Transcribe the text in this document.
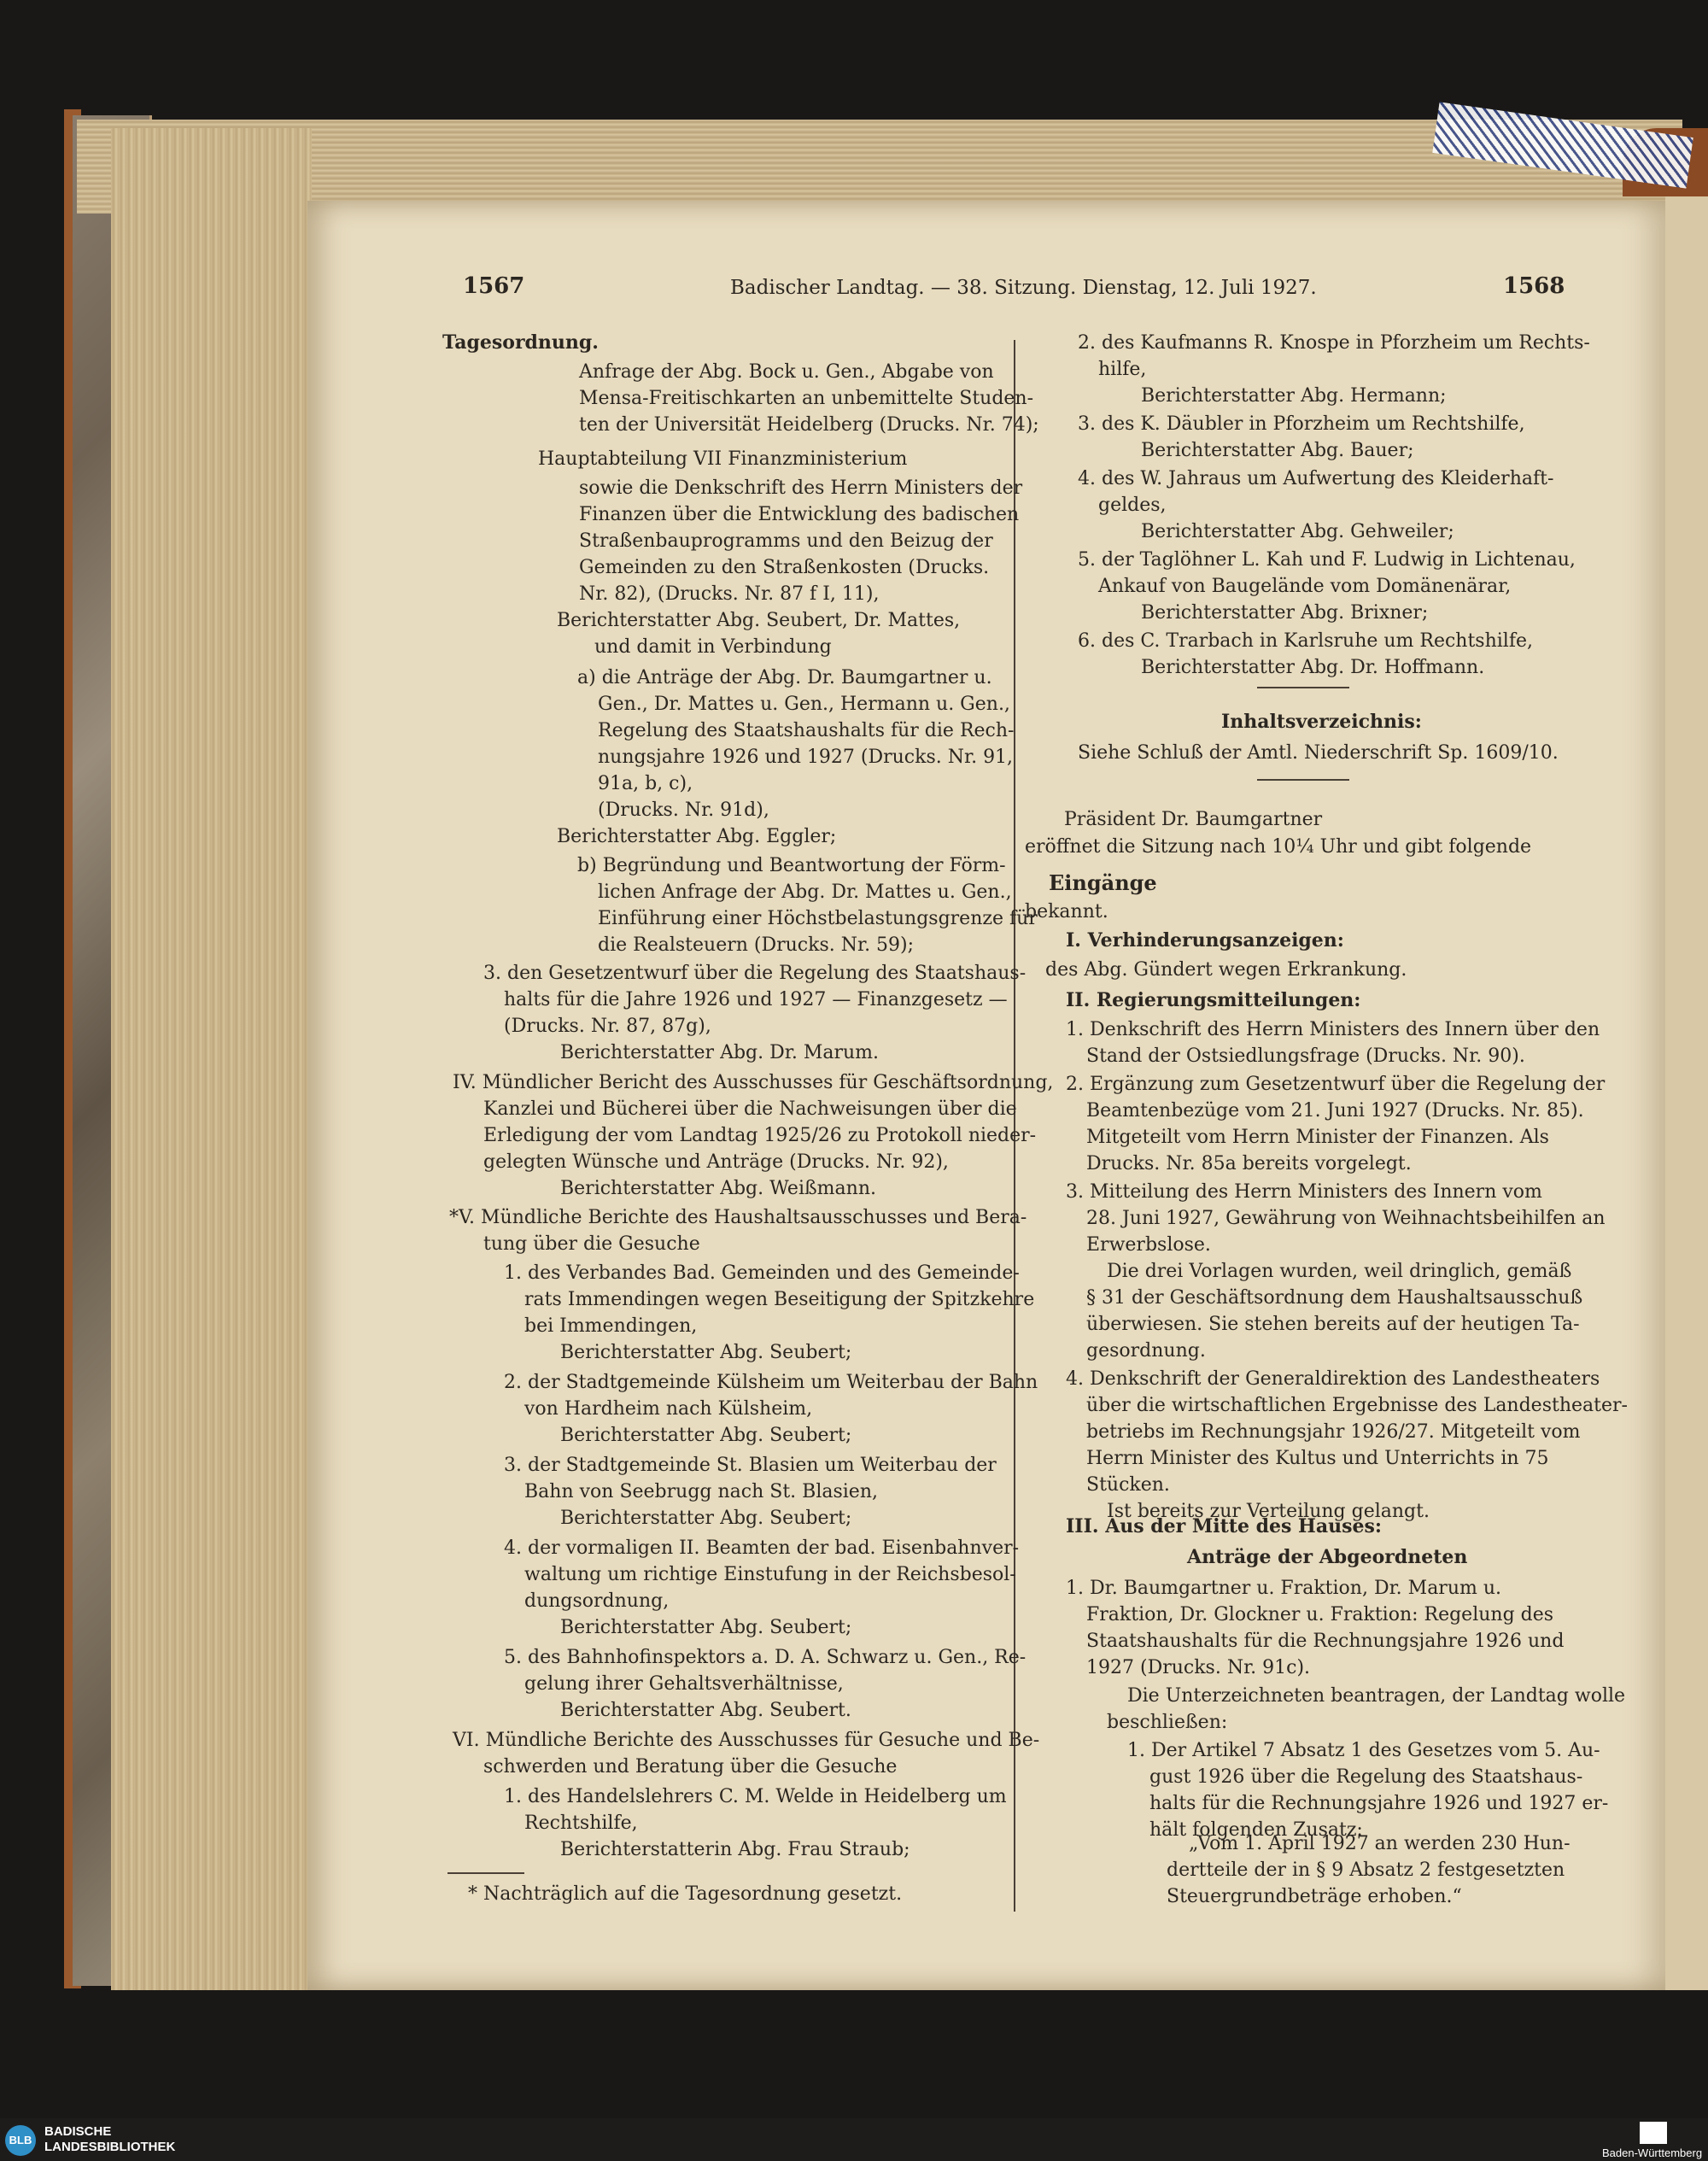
1567	Badischer Landtag. — 38. Sitzung. Dienstag, 12. Juli 1927.	1568
Tagesordnung.
Anfrage der Abg. Bock u. Gen., Abgabe von
Mensa-Freitischkarten an unbemittelte Studen-
ten der Universität Heidelberg (Drucks. Nr. 74);
Hauptabteilung VII Finanzministerium
sowie die Denkschrift des Herrn Ministers der
Finanzen über die Entwicklung des badischen
Straßenbauprogramms und den Beizug der
Gemeinden zu den Straßenkosten (Drucks.
Nr. 82), (Drucks. Nr. 87 f I, 11),
Berichterstatter Abg. Seubert, Dr. Mattes,
und damit in Verbindung
a) die Anträge der Abg. Dr. Baumgartner u.
Gen., Dr. Mattes u. Gen., Hermann u. Gen.,
Regelung des Staatshaushalts für die Rech-
nungsjahre 1926 und 1927 (Drucks. Nr. 91,
91a, b, c),
(Drucks. Nr. 91d),
Berichterstatter Abg. Eggler;
b) Begründung und Beantwortung der Förm-
lichen Anfrage der Abg. Dr. Mattes u. Gen.,
Einführung einer Höchstbelastungsgrenze für
die Realsteuern (Drucks. Nr. 59);
3. den Gesetzentwurf über die Regelung des Staatshaus-
halts für die Jahre 1926 und 1927 — Finanzgesetz —
(Drucks. Nr. 87, 87g),
Berichterstatter Abg. Dr. Marum.
IV. Mündlicher Bericht des Ausschusses für Geschäftsordnung,
Kanzlei und Bücherei über die Nachweisungen über die
Erledigung der vom Landtag 1925/26 zu Protokoll nieder-
gelegten Wünsche und Anträge (Drucks. Nr. 92),
Berichterstatter Abg. Weißmann.
*V. Mündliche Berichte des Haushaltsausschusses und Bera-
tung über die Gesuche
1. des Verbandes Bad. Gemeinden und des Gemeinde-
rats Immendingen wegen Beseitigung der Spitzkehre
bei Immendingen,
Berichterstatter Abg. Seubert;
2. der Stadtgemeinde Külsheim um Weiterbau der Bahn
von Hardheim nach Külsheim,
Berichterstatter Abg. Seubert;
3. der Stadtgemeinde St. Blasien um Weiterbau der
Bahn von Seebrugg nach St. Blasien,
Berichterstatter Abg. Seubert;
4. der vormaligen II. Beamten der bad. Eisenbahnver-
waltung um richtige Einstufung in der Reichsbesol-
dungsordnung,
Berichterstatter Abg. Seubert;
5. des Bahnhofinspektors a. D. A. Schwarz u. Gen., Re-
gelung ihrer Gehaltsverhältnisse,
Berichterstatter Abg. Seubert.
VI. Mündliche Berichte des Ausschusses für Gesuche und Be-
schwerden und Beratung über die Gesuche
1. des Handelslehrers C. M. Welde in Heidelberg um
Rechtshilfe,
Berichterstatterin Abg. Frau Straub;
* Nachträglich auf die Tagesordnung gesetzt.
2. des Kaufmanns R. Knospe in Pforzheim um Rechts-
hilfe,
Berichterstatter Abg. Hermann;
3. des K. Däubler in Pforzheim um Rechtshilfe,
Berichterstatter Abg. Bauer;
4. des W. Jahraus um Aufwertung des Kleiderhaft-
geldes,
Berichterstatter Abg. Gehweiler;
5. der Taglöhner L. Kah und F. Ludwig in Lichtenau,
Ankauf von Baugelände vom Domänenärar,
Berichterstatter Abg. Brixner;
6. des C. Trarbach in Karlsruhe um Rechtshilfe,
Berichterstatter Abg. Dr. Hoffmann.
Inhaltsverzeichnis:
Siehe Schluß der Amtl. Niederschrift Sp. 1609/10.
Präsident Dr. Baumgartner
eröffnet die Sitzung nach 10¼ Uhr und gibt folgende
Eingänge
bekannt.
I. Verhinderungsanzeigen:
des Abg. Gündert wegen Erkrankung.
II. Regierungsmitteilungen:
1. Denkschrift des Herrn Ministers des Innern über den
Stand der Ostsiedlungsfrage (Drucks. Nr. 90).
2. Ergänzung zum Gesetzentwurf über die Regelung der
Beamtenbezüge vom 21. Juni 1927 (Drucks. Nr. 85).
Mitgeteilt vom Herrn Minister der Finanzen. Als
Drucks. Nr. 85a bereits vorgelegt.
3. Mitteilung des Herrn Ministers des Innern vom
28. Juni 1927, Gewährung von Weihnachtsbeihilfen an
Erwerbslose.
Die drei Vorlagen wurden, weil dringlich, gemäß
§ 31 der Geschäftsordnung dem Haushaltsausschuß
überwiesen. Sie stehen bereits auf der heutigen Ta-
gesordnung.
4. Denkschrift der Generaldirektion des Landestheaters
über die wirtschaftlichen Ergebnisse des Landestheater-
betriebs im Rechnungsjahr 1926/27. Mitgeteilt vom
Herrn Minister des Kultus und Unterrichts in 75
Stücken.
Ist bereits zur Verteilung gelangt.
III. Aus der Mitte des Hauses:
Anträge der Abgeordneten
1. Dr. Baumgartner u. Fraktion, Dr. Marum u.
Fraktion, Dr. Glockner u. Fraktion: Regelung des
Staatshaushalts für die Rechnungsjahre 1926 und
1927 (Drucks. Nr. 91c).
Die Unterzeichneten beantragen, der Landtag wolle
beschließen:
1. Der Artikel 7 Absatz 1 des Gesetzes vom 5. Au-
gust 1926 über die Regelung des Staatshaus-
halts für die Rechnungsjahre 1926 und 1927 er-
hält folgenden Zusatz:
„Vom 1. April 1927 an werden 230 Hun-
dertteile der in § 9 Absatz 2 festgesetzten
Steuergrundbeträge erhoben.“
BLB
BADISCHE
LANDESBIBLIOTHEK	Baden-Württemberg
